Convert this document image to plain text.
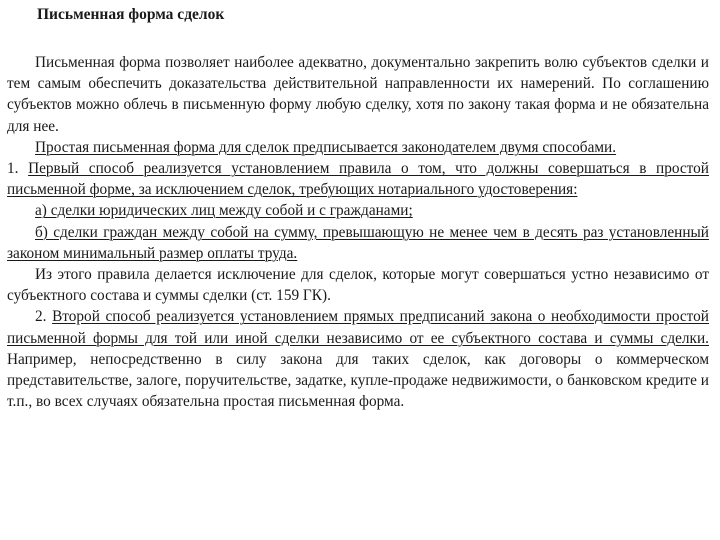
Письменная форма сделок

Письменная форма позволяет наиболее адекватно, документально закрепить волю субъектов сделки и тем самым обеспечить доказательства действительной направленности их намерений. По соглашению субъектов можно облечь в письменную форму любую сделку, хотя по закону такая форма и не обязательна для нее.

Простая письменная форма для сделок предписывается законодателем двумя способами.

1. Первый способ реализуется установлением правила о том, что должны совершаться в простой письменной форме, за исключением сделок, требующих нотариального удостоверения:

а) сделки юридических лиц между собой и с гражданами;

б) сделки граждан между собой на сумму, превышающую не менее чем в десять раз установленный законом минимальный размер оплаты труда.

Из этого правила делается исключение для сделок, которые могут совершаться устно независимо от субъектного состава и суммы сделки (ст. 159 ГК).

2. Второй способ реализуется установлением прямых предписаний закона о необходимости простой письменной формы для той или иной сделки независимо от ее субъектного состава и суммы сделки. Например, непосредственно в силу закона для таких сделок, как договоры о коммерческом представительстве, залоге, поручительстве, задатке, купле-продаже недвижимости, о банковском кредите и т.п., во всех случаях обязательна простая письменная форма.
